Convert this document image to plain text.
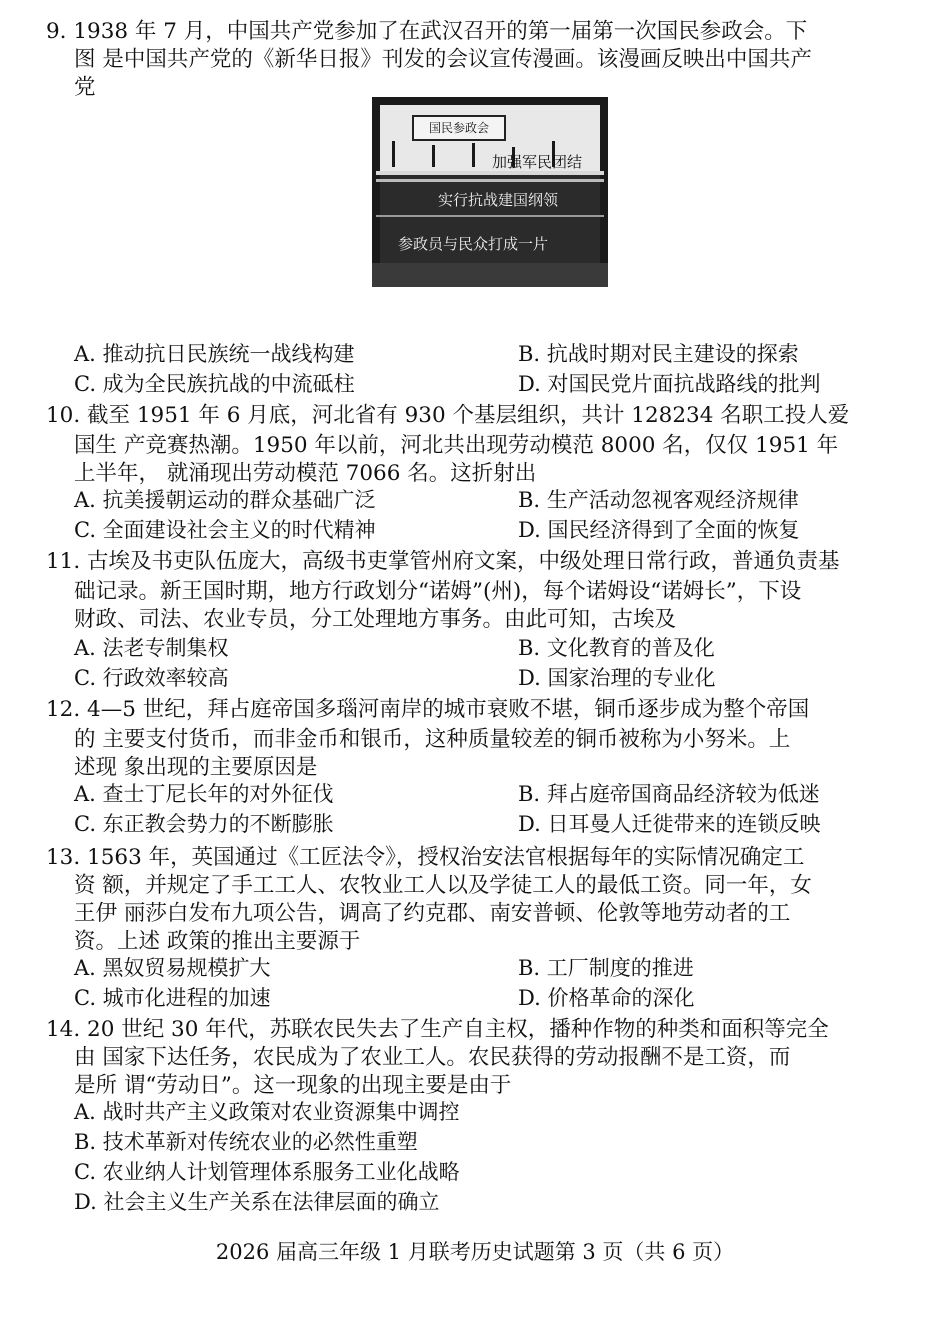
9. 1938 年 7 月，中国共产党参加了在武汉召开的第一届第一次国民参政会。下
图 是中国共产党的《新华日报》刊发的会议宣传漫画。该漫画反映出中国共产
党
国民参政会
加强军民团结
实行抗战建国纲领
参政员与民众打成一片
A. 推动抗日民族统一战线构建	B. 抗战时期对民主建设的探索
C. 成为全民族抗战的中流砥柱	D. 对国民党片面抗战路线的批判
10. 截至 1951 年 6 月底，河北省有 930 个基层组织，共计 128234 名职工投人爱
国生 产竞赛热潮。1950 年以前，河北共出现劳动模范 8000 名，仅仅 1951 年
上半年， 就涌现出劳动模范 7066 名。这折射出
A. 抗美援朝运动的群众基础广泛	B. 生产活动忽视客观经济规律
C. 全面建设社会主义的时代精神	D. 国民经济得到了全面的恢复
11. 古埃及书吏队伍庞大，高级书吏掌管州府文案，中级处理日常行政，普通负责基
础记录。新王国时期，地方行政划分“诺姆”(州)，每个诺姆设“诺姆长”，下设
财政、司法、农业专员，分工处理地方事务。由此可知，古埃及
A. 法老专制集权	B. 文化教育的普及化
C. 行政效率较高	D. 国家治理的专业化
12. 4—5 世纪，拜占庭帝国多瑙河南岸的城市衰败不堪，铜币逐步成为整个帝国
的 主要支付货币，而非金币和银币，这种质量较差的铜币被称为小努米。上
述现 象出现的主要原因是
A. 查士丁尼长年的对外征伐	B. 拜占庭帝国商品经济较为低迷
C. 东正教会势力的不断膨胀	D. 日耳曼人迁徙带来的连锁反映
13. 1563 年，英国通过《工匠法令》，授权治安法官根据每年的实际情况确定工
资 额，并规定了手工工人、农牧业工人以及学徒工人的最低工资。同一年，女
王伊 丽莎白发布九项公告，调高了约克郡、南安普顿、伦敦等地劳动者的工
资。上述 政策的推出主要源于
A. 黑奴贸易规模扩大	B. 工厂制度的推进
C. 城市化进程的加速	D. 价格革命的深化
14. 20 世纪 30 年代，苏联农民失去了生产自主权，播种作物的种类和面积等完全
由 国家下达任务，农民成为了农业工人。农民获得的劳动报酬不是工资，而
是所 谓“劳动日”。这一现象的出现主要是由于
A. 战时共产主义政策对农业资源集中调控
B. 技术革新对传统农业的必然性重塑
C. 农业纳人计划管理体系服务工业化战略
D. 社会主义生产关系在法律层面的确立
2026 届高三年级 1 月联考历史试题第 3 页（共 6 页）
